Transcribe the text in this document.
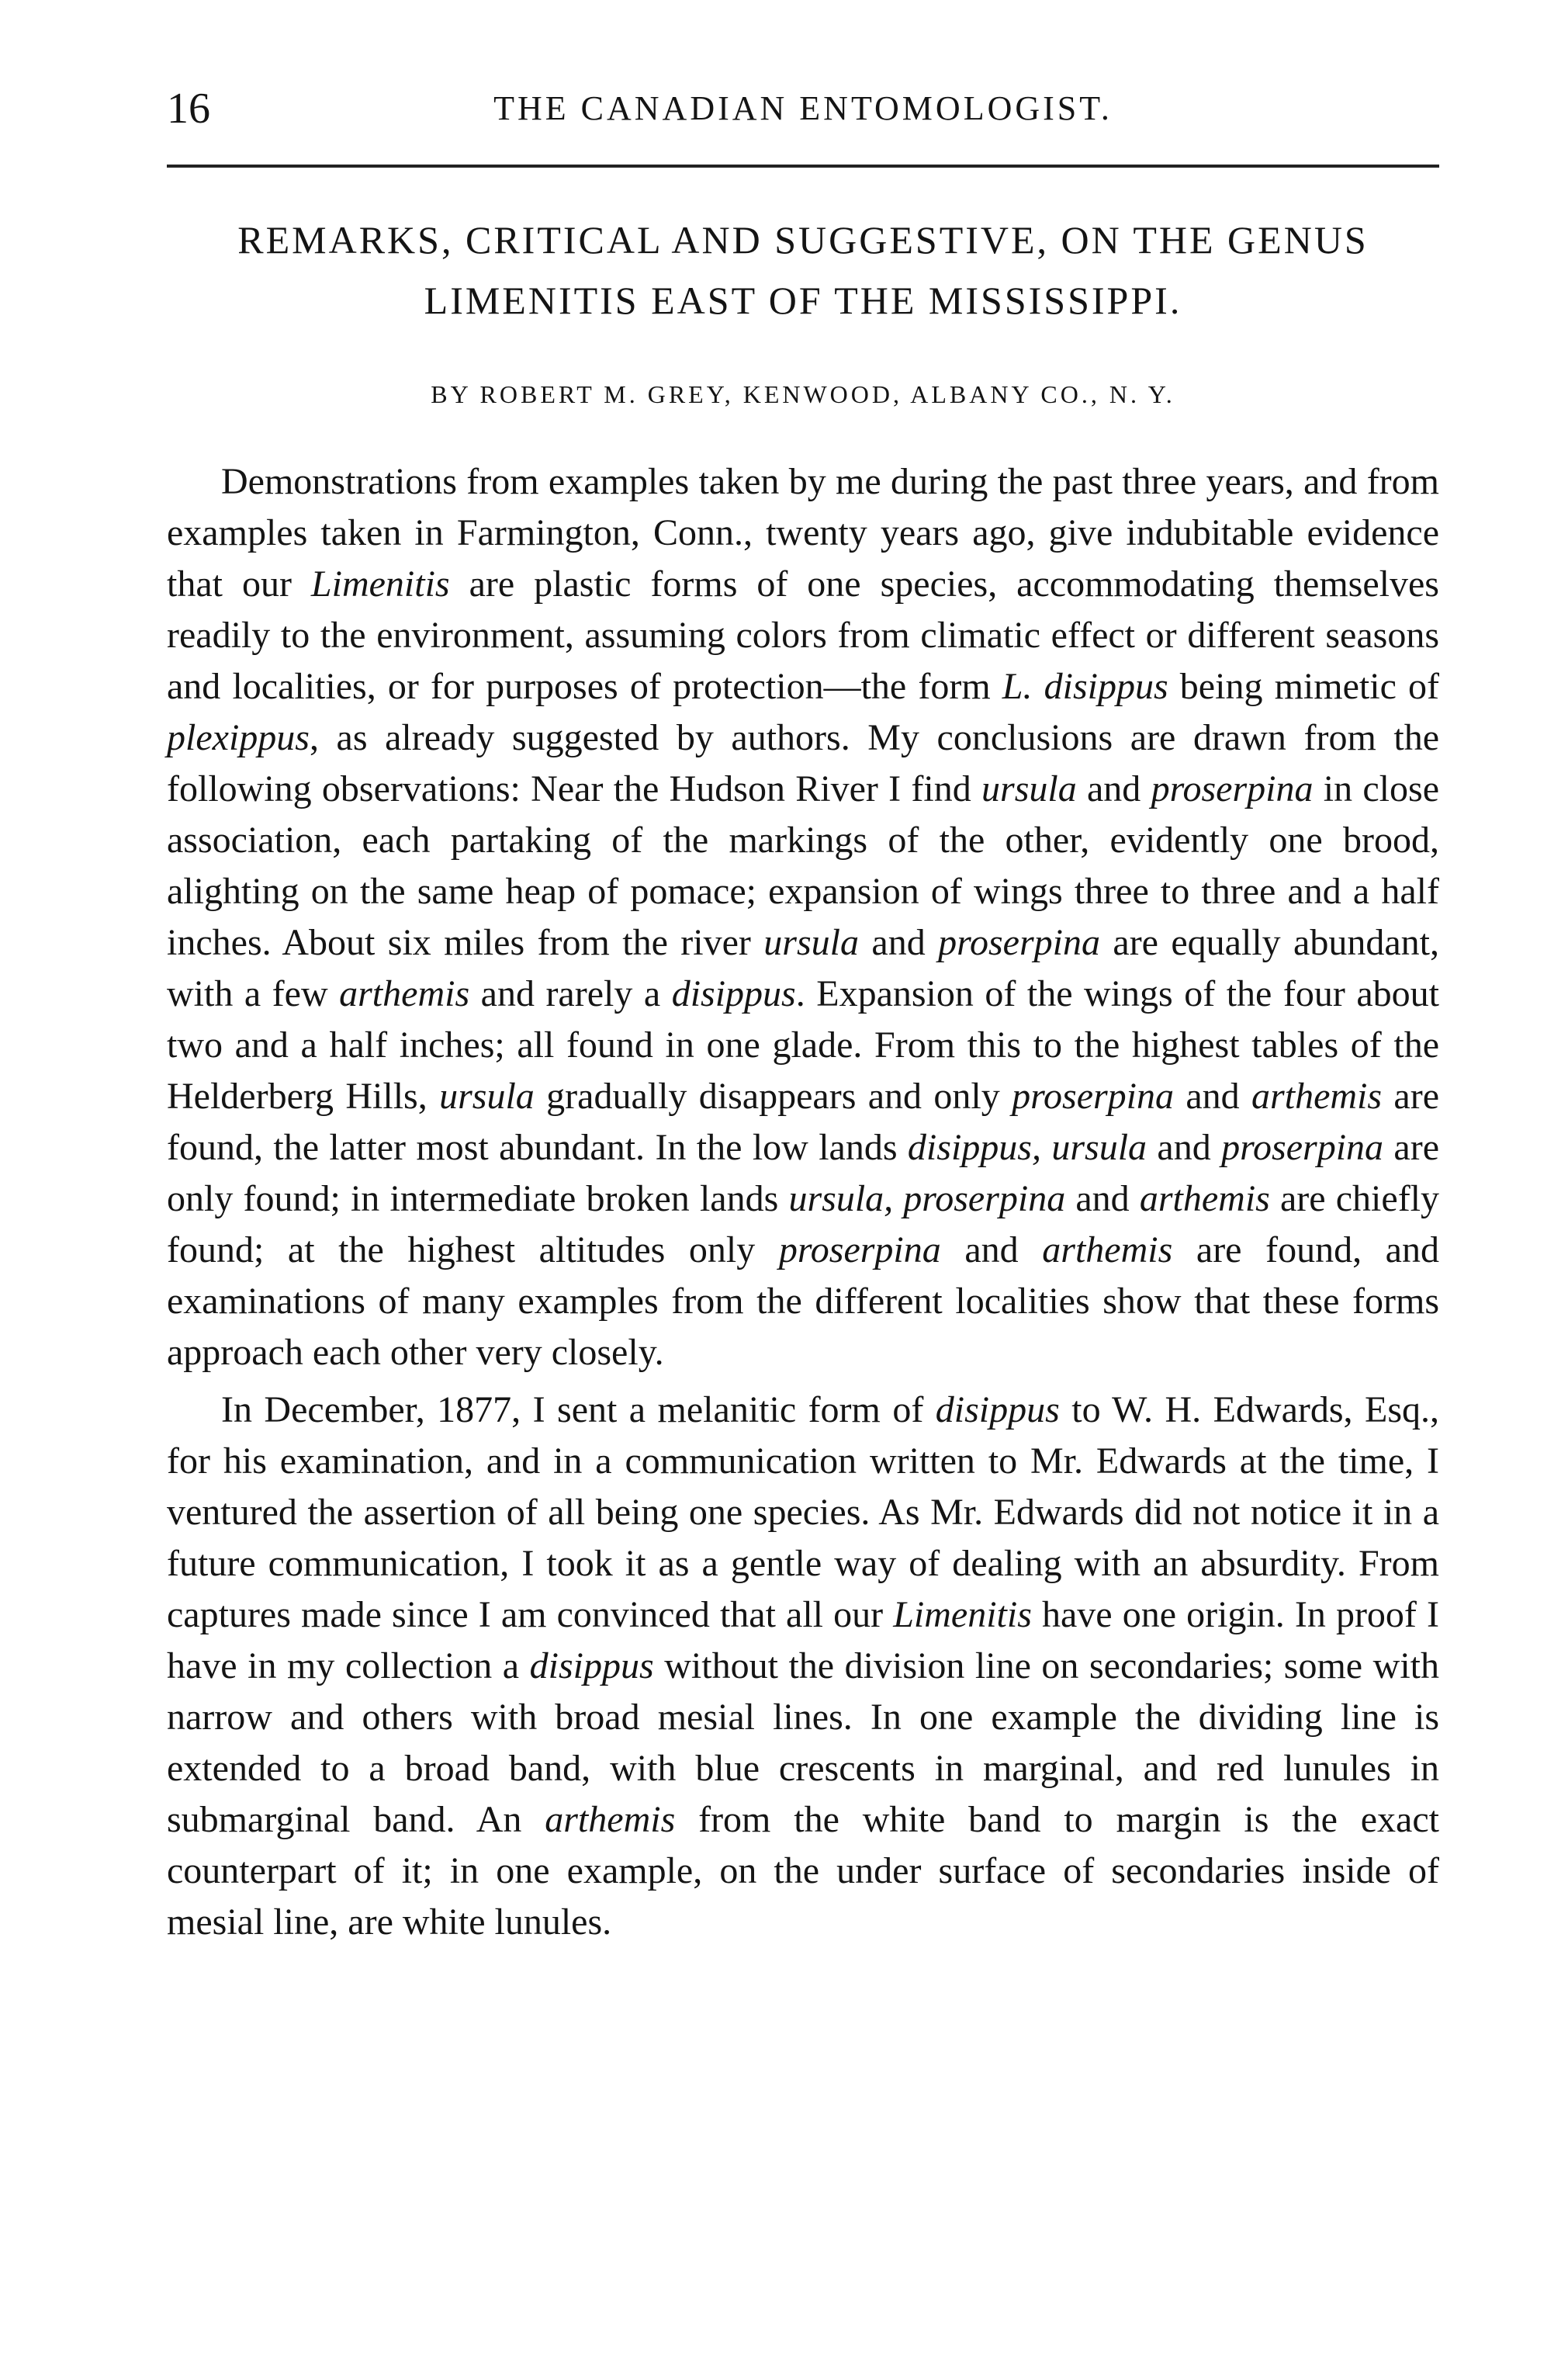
16	THE CANADIAN ENTOMOLOGIST.
REMARKS, CRITICAL AND SUGGESTIVE, ON THE GENUS LIMENITIS EAST OF THE MISSISSIPPI.
BY ROBERT M. GREY, KENWOOD, ALBANY CO., N. Y.

Demonstrations from examples taken by me during the past three years, and from examples taken in Farmington, Conn., twenty years ago, give indubitable evidence that our Limenitis are plastic forms of one species, accommodating themselves readily to the environment, assuming colors from climatic effect or different seasons and localities, or for purposes of protection—the form L. disippus being mimetic of plexippus, as already suggested by authors. My conclusions are drawn from the following observations: Near the Hudson River I find ursula and proserpina in close association, each partaking of the markings of the other, evidently one brood, alighting on the same heap of pomace; expansion of wings three to three and a half inches. About six miles from the river ursula and proserpina are equally abundant, with a few arthemis and rarely a disippus. Expansion of the wings of the four about two and a half inches; all found in one glade. From this to the highest tables of the Helderberg Hills, ursula gradually disappears and only proserpina and arthemis are found, the latter most abundant. In the low lands disippus, ursula and proserpina are only found; in intermediate broken lands ursula, proserpina and arthemis are chiefly found; at the highest altitudes only proserpina and arthemis are found, and examinations of many examples from the different localities show that these forms approach each other very closely.

In December, 1877, I sent a melanitic form of disippus to W. H. Edwards, Esq., for his examination, and in a communication written to Mr. Edwards at the time, I ventured the assertion of all being one species. As Mr. Edwards did not notice it in a future communication, I took it as a gentle way of dealing with an absurdity. From captures made since I am convinced that all our Limenitis have one origin. In proof I have in my collection a disippus without the division line on secondaries; some with narrow and others with broad mesial lines. In one example the dividing line is extended to a broad band, with blue crescents in marginal, and red lunules in submarginal band. An arthemis from the white band to margin is the exact counterpart of it; in one example, on the under surface of secondaries inside of mesial line, are white lunules.
